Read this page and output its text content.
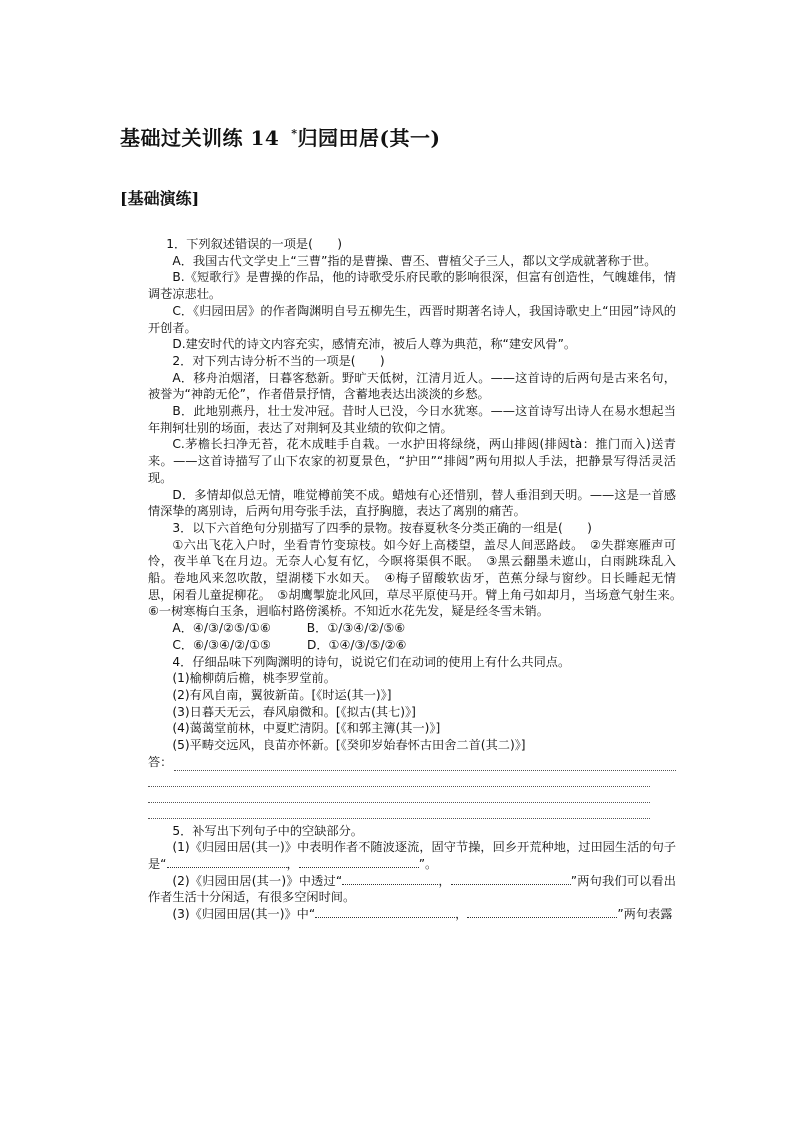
基础过关训练 14 *归园田居(其一)
[基础演练]

1．下列叙述错误的一项是(　　)

A．我国古代文学史上“三曹”指的是曹操、曹丕、曹植父子三人，都以文学成就著称于世。

B.《短歌行》是曹操的作品，他的诗歌受乐府民歌的影响很深，但富有创造性，气魄雄伟，情调苍凉悲壮。

C．《归园田居》的作者陶渊明自号五柳先生，西晋时期著名诗人，我国诗歌史上“田园”诗风的开创者。

D.建安时代的诗文内容充实，感情充沛，被后人尊为典范，称“建安风骨”。

2．对下列古诗分析不当的一项是(　　)

A．移舟泊烟渚，日暮客愁新。野旷天低树，江清月近人。——这首诗的后两句是古来名句，被誉为“神韵无伦”，作者借景抒情，含蓄地表达出淡淡的乡愁。

B．此地别燕丹，壮士发冲冠。昔时人已没，今日水犹寒。——这首诗写出诗人在易水想起当年荆轲壮别的场面，表达了对荆轲及其业绩的钦仰之情。

C.茅檐长扫净无苔，花木成畦手自栽。一水护田将绿绕，两山排闼(排闼tà：推门而入)送青来。——这首诗描写了山下农家的初夏景色，“护田”“排闼”两句用拟人手法，把静景写得活灵活现。

D．多情却似总无情，唯觉樽前笑不成。蜡烛有心还惜别，替人垂泪到天明。——这是一首感情深挚的离别诗，后两句用夸张手法，直抒胸臆，表达了离别的痛苦。

3．以下六首绝句分别描写了四季的景物。按春夏秋冬分类正确的一组是(　　)

①六出飞花入户时，坐看青竹变琼枝。如今好上高楼望，盖尽人间恶路歧。　②失群寒雁声可怜，夜半单飞在月边。无奈人心复有忆，今暝将渠俱不眠。　③黑云翻墨未遮山，白雨跳珠乱入船。卷地风来忽吹散，望湖楼下水如天。　④梅子留酸软齿牙，芭蕉分绿与窗纱。日长睡起无情思，闲看儿童捉柳花。　⑤胡鹰掣旋北风回，草尽平原使马开。臂上角弓如却月，当场意气射生来。　⑥一树寒梅白玉条，迥临村路傍溪桥。不知近水花先发，疑是经冬雪未销。

A．④/③/②⑤/①⑥	B．①/③④/②/⑤⑥

C．⑥/③④/②/①⑤	D．①④/③/⑤/②⑥

4．仔细品味下列陶渊明的诗句，说说它们在动词的使用上有什么共同点。

(1)榆柳荫后檐，桃李罗堂前。

(2)有风自南，翼彼新苗。[《时运(其一)》]

(3)日暮天无云，春风扇微和。[《拟古(其七)》]

(4)蔼蔼堂前林，中夏贮清阴。[《和郭主簿(其一)》]

(5)平畴交远风，良苗亦怀新。[《癸卯岁始春怀古田舍二首(其二)》]

答：

5．补写出下列句子中的空缺部分。

(1)《归园田居(其一)》中表明作者不随波逐流，固守节操，回乡开荒种地，过田园生活的句子是“	，	”。

(2)《归园田居(其一)》中透过“	，	”两句我们可以看出作者生活十分闲适，有很多空闲时间。

(3)《归园田居(其一)》中“	，	”两句表露
